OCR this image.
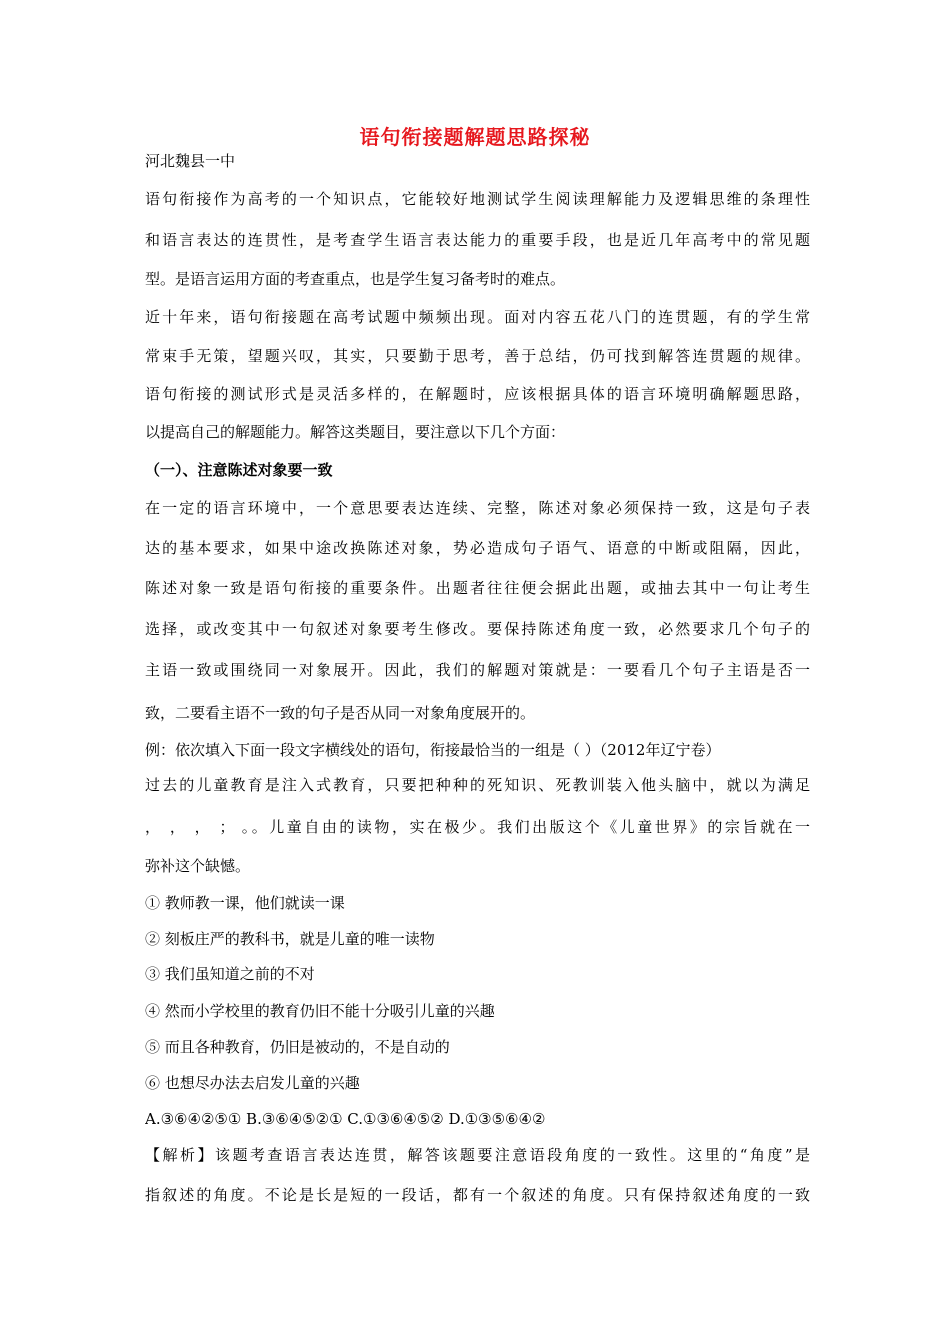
语句衔接题解题思路探秘
河北魏县一中
语句衔接作为高考的一个知识点，它能较好地测试学生阅读理解能力及逻辑思维的条理性
和语言表达的连贯性，是考查学生语言表达能力的重要手段，也是近几年高考中的常见题
型。是语言运用方面的考查重点，也是学生复习备考时的难点。
近十年来，语句衔接题在高考试题中频频出现。面对内容五花八门的连贯题，有的学生常
常束手无策，望题兴叹，其实，只要勤于思考，善于总结，仍可找到解答连贯题的规律。
语句衔接的测试形式是灵活多样的，在解题时，应该根据具体的语言环境明确解题思路，
以提高自己的解题能力。解答这类题目，要注意以下几个方面：
（一）、注意陈述对象要一致
在一定的语言环境中，一个意思要表达连续、完整，陈述对象必须保持一致，这是句子表
达的基本要求，如果中途改换陈述对象，势必造成句子语气、语意的中断或阻隔，因此，
陈述对象一致是语句衔接的重要条件。出题者往往便会据此出题，或抽去其中一句让考生
选择，或改变其中一句叙述对象要考生修改。要保持陈述角度一致，必然要求几个句子的
主语一致或围绕同一对象展开。因此，我们的解题对策就是：一要看几个句子主语是否一
致，二要看主语不一致的句子是否从同一对象角度展开的。
例：依次填入下面一段文字横线处的语句，衔接最恰当的一组是（ ）（2012年辽宁卷）
过去的儿童教育是注入式教育，只要把种种的死知识、死教训装入他头脑中，就以为满足
， ， ， ； 。。儿童自由的读物，实在极少。我们出版这个《儿童世界》的宗旨就在一
弥补这个缺憾。
① 教师教一课，他们就读一课
② 刻板庄严的教科书，就是儿童的唯一读物
③ 我们虽知道之前的不对
④ 然而小学校里的教育仍旧不能十分吸引儿童的兴趣
⑤ 而且各种教育，仍旧是被动的，不是自动的
⑥ 也想尽办法去启发儿童的兴趣
A.③⑥④②⑤① B.③⑥④⑤②① C.①③⑥④⑤② D.①③⑤⑥④②
【解析】该题考查语言表达连贯，解答该题要注意语段角度的一致性。这里的“角度”是
指叙述的角度。不论是长是短的一段话，都有一个叙述的角度。只有保持叙述角度的一致
